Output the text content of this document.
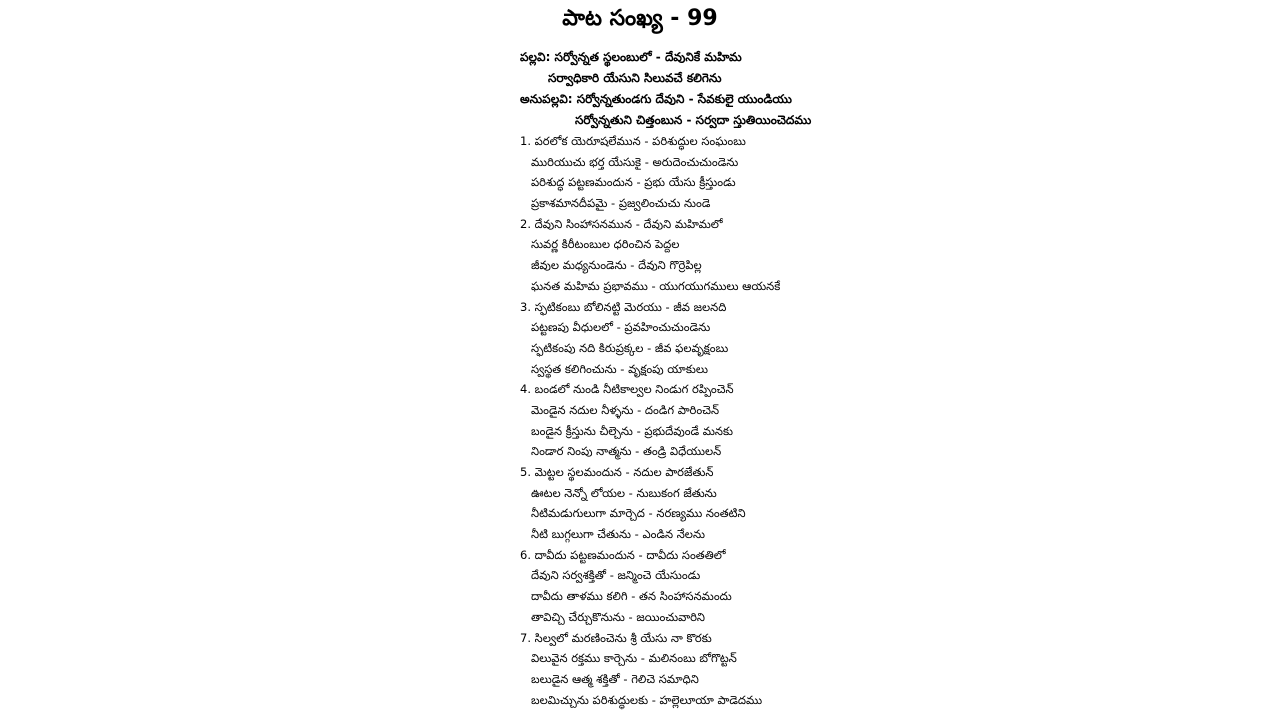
పాట సంఖ్య - 99
పల్లవి: సర్వోన్నత స్థలంబులో - దేవునికే మహిమ
సర్వాధికారి యేసుని సిలువచే కలిగెను
అనుపల్లవి: సర్వోన్నతుండగు దేవుని - సేవకులై యుండియు
సర్వోన్నతుని చిత్తంబున - సర్వదా స్తుతియించెదము
1. పరలోక యెరూషలేమున - పరిశుద్ధుల సంఘంబు
మురియుచు భర్త యేసుకై - అరుదెంచుచుండెను
పరిశుద్ధ పట్టణమందున - ప్రభు యేసు క్రీస్తుండు
ప్రకాశమానదీపమై - ప్రజ్వలించుచు నుండె
2. దేవుని సింహాసనమున - దేవుని మహిమలో
సువర్ణ కిరీటంబుల ధరించిన పెద్దల
జీవుల మధ్యనుండెను - దేవుని గొర్రెపిల్ల
ఘనత మహిమ ప్రభావము - యుగయుగములు ఆయనకే
3. స్ఫటికంబు బోలినట్టి మెరయు - జీవ జలనది
పట్టణపు వీధులలో - ప్రవహించుచుండెను
స్ఫటికంపు నది కిరుప్రక్కల - జీవ ఫలవృక్షంబు
స్వస్థత కలిగించును - వృక్షంపు యాకులు
4. బండలో నుండి నీటికాల్వల నిండుగ రప్పించెన్
మెండైన నదుల నీళ్ళను - దండిగ పారించెన్
బండైన క్రీస్తును చీల్చెను - ప్రభుదేవుండే మనకు
నిండార నింపు నాత్మను - తండ్రి విధేయులన్
5. మెట్టల స్థలమందున - నదుల పారజేతున్
ఊటల నెన్నో లోయల - నుబుకంగ జేతును
నీటిమడుగులుగా మార్చెద - నరణ్యము నంతటిని
నీటి బుగ్గలుగా చేతును - ఎండిన నేలను
6. దావీదు పట్టణమందున - దావీదు సంతతిలో
దేవుని సర్వశక్తితో - జన్మించె యేసుండు
దావీదు తాళము కలిగి - తన సింహాసనమందు
తావిచ్చి చేర్చుకొనును - జయించువారిని
7. సిల్వలో మరణించెను శ్రీ యేసు నా కొరకు
విలువైన రక్తము కార్చెను - మలినంబు బోగొట్టన్
బలుడైన ఆత్మ శక్తితో - గెలిచె సమాధిని
బలమిచ్చును పరిశుద్ధులకు - హల్లెలూయా పాడెదము
